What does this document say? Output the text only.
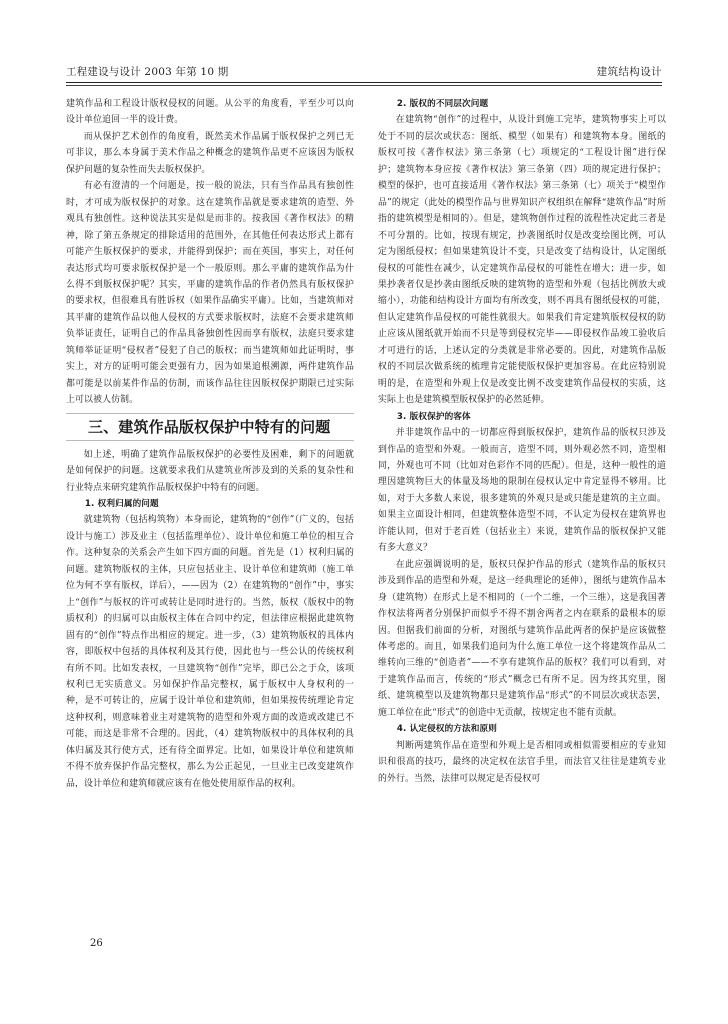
工程建设与设计 2003 年第 10 期	建筑结构设计

建筑作品和工程设计版权侵权的问题。从公平的角度看，平至少可以向设计单位追回一半的设计费。

而从保护艺术创作的角度看，既然美术作品属于版权保护之列已无可非议，那么本身属于美术作品之种概念的建筑作品更不应该因为版权保护问题的复杂性而失去版权保护。

有必有澄清的一个问题是，按一般的说法，只有当作品具有独创性时，才可成为版权保护的对象。这在建筑作品就是要求建筑的造型、外观具有独创性。这种说法其实是似是而非的。按我国《著作权法》的精神，除了第五条规定的排除适用的范围外，在其他任何表达形式上都有可能产生版权保护的要求，并能得到保护；而在英国，事实上，对任何表达形式均可要求版权保护是一个一般原则。那么平庸的建筑作品为什么得不到版权保护呢？其实，平庸的建筑作品的作者仍然具有版权保护的要求权，但很难具有胜诉权（如果作品确实平庸）。比如，当建筑师对其平庸的建筑作品以他人侵权的方式要求版权时，法庭不会要求建筑师负举证责任，证明自己的作品具备独创性因而享有版权，法庭只要求建筑师举证证明“侵权者”侵犯了自己的版权；而当建筑师如此证明时，事实上，对方的证明可能会更强有力，因为如果追根溯源，两件建筑作品都可能是以前某件作品的仿制，而该作品往往因版权保护期限已过实际上可以被人仿制。

三、建筑作品版权保护中特有的问题

如上述，明确了建筑作品版权保护的必要性及困难，剩下的问题就是如何保护的问题。这就要求我们从建筑业所涉及到的关系的复杂性和行业特点来研究建筑作品版权保护中特有的问题。

1. 权利归属的问题

就建筑物（包括构筑物）本身而论，建筑物的“创作”（广义的，包括设计与施工）涉及业主（包括监理单位）、设计单位和施工单位的相互合作。这种复杂的关系会产生如下四方面的问题。首先是（1）权利归属的问题。建筑物版权的主体，只应包括业主、设计单位和建筑师（施工单位为何不享有版权，详后），——因为（2）在建筑物的“创作”中，事实上“创作”与版权的许可或转让是同时进行的。当然，版权（版权中的物质权利）的归属可以由版权主体在合同中约定，但法律应根据此建筑物固有的“创作”特点作出相应的规定。进一步，（3）建筑物版权的具体内容，即版权中包括的具体权利及其行使，因此也与一些公认的传统权利有所不同。比如发表权，一旦建筑物“创作”完毕，即已公之于众，该项权利已无实质意义。另如保护作品完整权，属于版权中人身权利的一种，是不可转让的，应属于设计单位和建筑师，但如果按传统理论肯定这种权利，则意味着业主对建筑物的造型和外观方面的改造或改建已不可能，而这是非常不合理的。因此，（4）建筑物版权中的具体权利的具体归属及其行使方式，还有待全面界定。比如，如果设计单位和建筑师不得不放弃保护作品完整权，那么为公正起见，一旦业主已改变建筑作品，设计单位和建筑师就应该有在他处使用原作品的权利。

2. 版权的不同层次问题

在建筑物“创作”的过程中，从设计到施工完毕，建筑物事实上可以处于不同的层次或状态：图纸、模型（如果有）和建筑物本身。图纸的版权可按《著作权法》第三条第（七）项规定的“工程设计图”进行保护；建筑物本身应按《著作权法》第三条第（四）项的规定进行保护；模型的保护，也可直接适用《著作权法》第三条第（七）项关于“模型作品”的规定（此处的模型作品与世界知识产权组织在解释“建筑作品”时所指的建筑模型是相同的）。但是，建筑物创作过程的流程性决定此三者是不可分割的。比如，按现有规定，抄袭图纸时仅是改变绘图比例，可认定为图纸侵权；但如果建筑设计不变，只是改变了结构设计，认定图纸侵权的可能性在减少，认定建筑作品侵权的可能性在增大；进一步，如果抄袭者仅是抄袭由图纸反映的建筑物的造型和外观（包括比例放大或缩小），功能和结构设计方面均有所改变，则不再具有图纸侵权的可能，但认定建筑作品侵权的可能性就很大。如果我们肯定建筑版权侵权的防止应该从图纸就开始而不只是等到侵权完毕——即侵权作品竣工验收后才可进行的话，上述认定的分类就是非常必要的。因此，对建筑作品版权的不同层次做系统的梳理肯定能使版权保护更加容易。在此应特别说明的是，在造型和外观上仅是改变比例不改变建筑作品侵权的实质，这实际上也是建筑模型版权保护的必然延伸。

3. 版权保护的客体

并非建筑作品中的一切都应得到版权保护，建筑作品的版权只涉及到作品的造型和外观。一般而言，造型不同，则外观必然不同，造型相同，外观也可不同（比如对色彩作不同的匹配）。但是，这种一般性的道理因建筑物巨大的体量及场地的限制在侵权认定中肯定显得不够用。比如，对于大多数人来说，很多建筑的外观只是或只能是建筑的主立面。如果主立面设计相同，但建筑整体造型不同，不认定为侵权在建筑界也许能认同，但对于老百姓（包括业主）来说，建筑作品的版权保护又能有多大意义？

在此应强调说明的是，版权只保护作品的形式（建筑作品的版权只涉及到作品的造型和外观，是这一经典理论的延伸），图纸与建筑作品本身（建筑物）在形式上是不相同的（一个二维，一个三维），这是我国著作权法将两者分别保护而似乎不得不割舍两者之内在联系的最根本的原因。但据我们前面的分析，对图纸与建筑作品此两者的保护是应该做整体考虑的。而且，如果我们追问为什么施工单位一这个将建筑作品从二维转向三维的“创造者”——不享有建筑作品的版权？我们可以看到，对于建筑作品而言，传统的“形式”概念已有所不足。因为终其究里，图纸、建筑模型以及建筑物都只是建筑作品“形式”的不同层次或状态罢，施工单位在此“形式”的创造中无贡献，按规定也不能有贡献。

4. 认定侵权的方法和原则

判断两建筑作品在造型和外观上是否相同或相似需要相应的专业知识和很高的技巧，最终的决定权在法官手里，而法官又往往是建筑专业的外行。当然，法律可以规定是否侵权可

26
